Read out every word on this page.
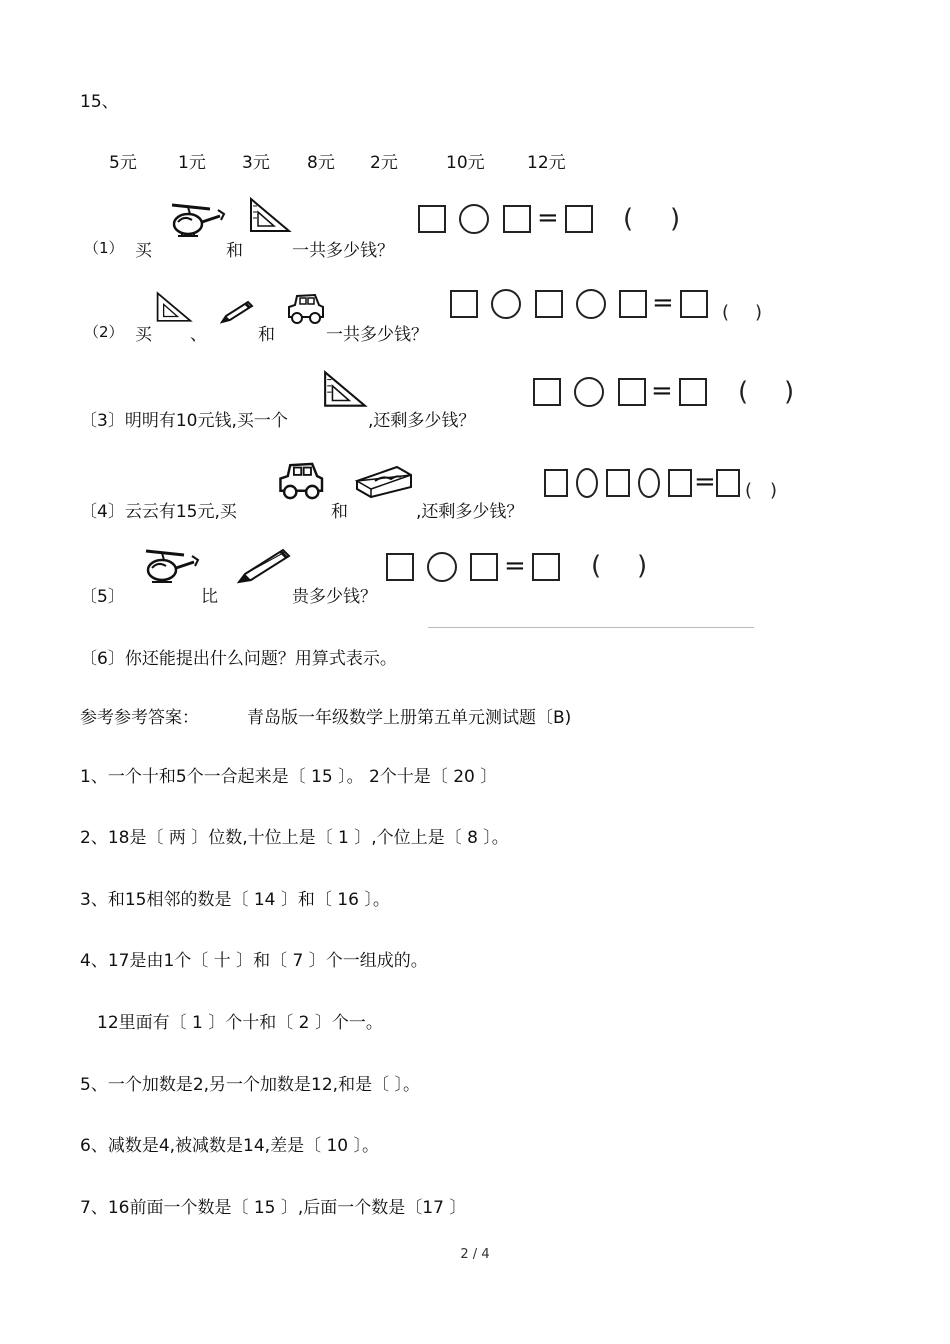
15、
5元 1元 3元 8元 2元	10元 12元
（1） 买	和	一共多少钱？
= ( )
（2） 买 、	和	一共多少钱？
=	( )
〔3〕明明有10元钱,买一个	,还剩多少钱？
=	( )
〔4〕云云有15元,买	和	,还剩多少钱？
= ( )
〔5〕	比	贵多少钱？
=	( )
〔6〕你还能提出什么问题？用算式表示。
参考参考答案：	青岛版一年级数学上册第五单元测试题〔B)
1、一个十和5个一合起来是〔 15 〕。 2个十是〔 20 〕
2、18是〔 两 〕位数,十位上是〔 1 〕,个位上是〔 8 〕。
3、和15相邻的数是〔 14 〕和〔 16 〕。
4、17是由1个〔 十 〕和〔 7 〕个一组成的。
12里面有〔 1 〕个十和〔 2 〕个一。
5、一个加数是2,另一个加数是12,和是〔 〕。
6、减数是4,被减数是14,差是〔 10 〕。
7、16前面一个数是〔 15 〕,后面一个数是〔17 〕
2 / 4
